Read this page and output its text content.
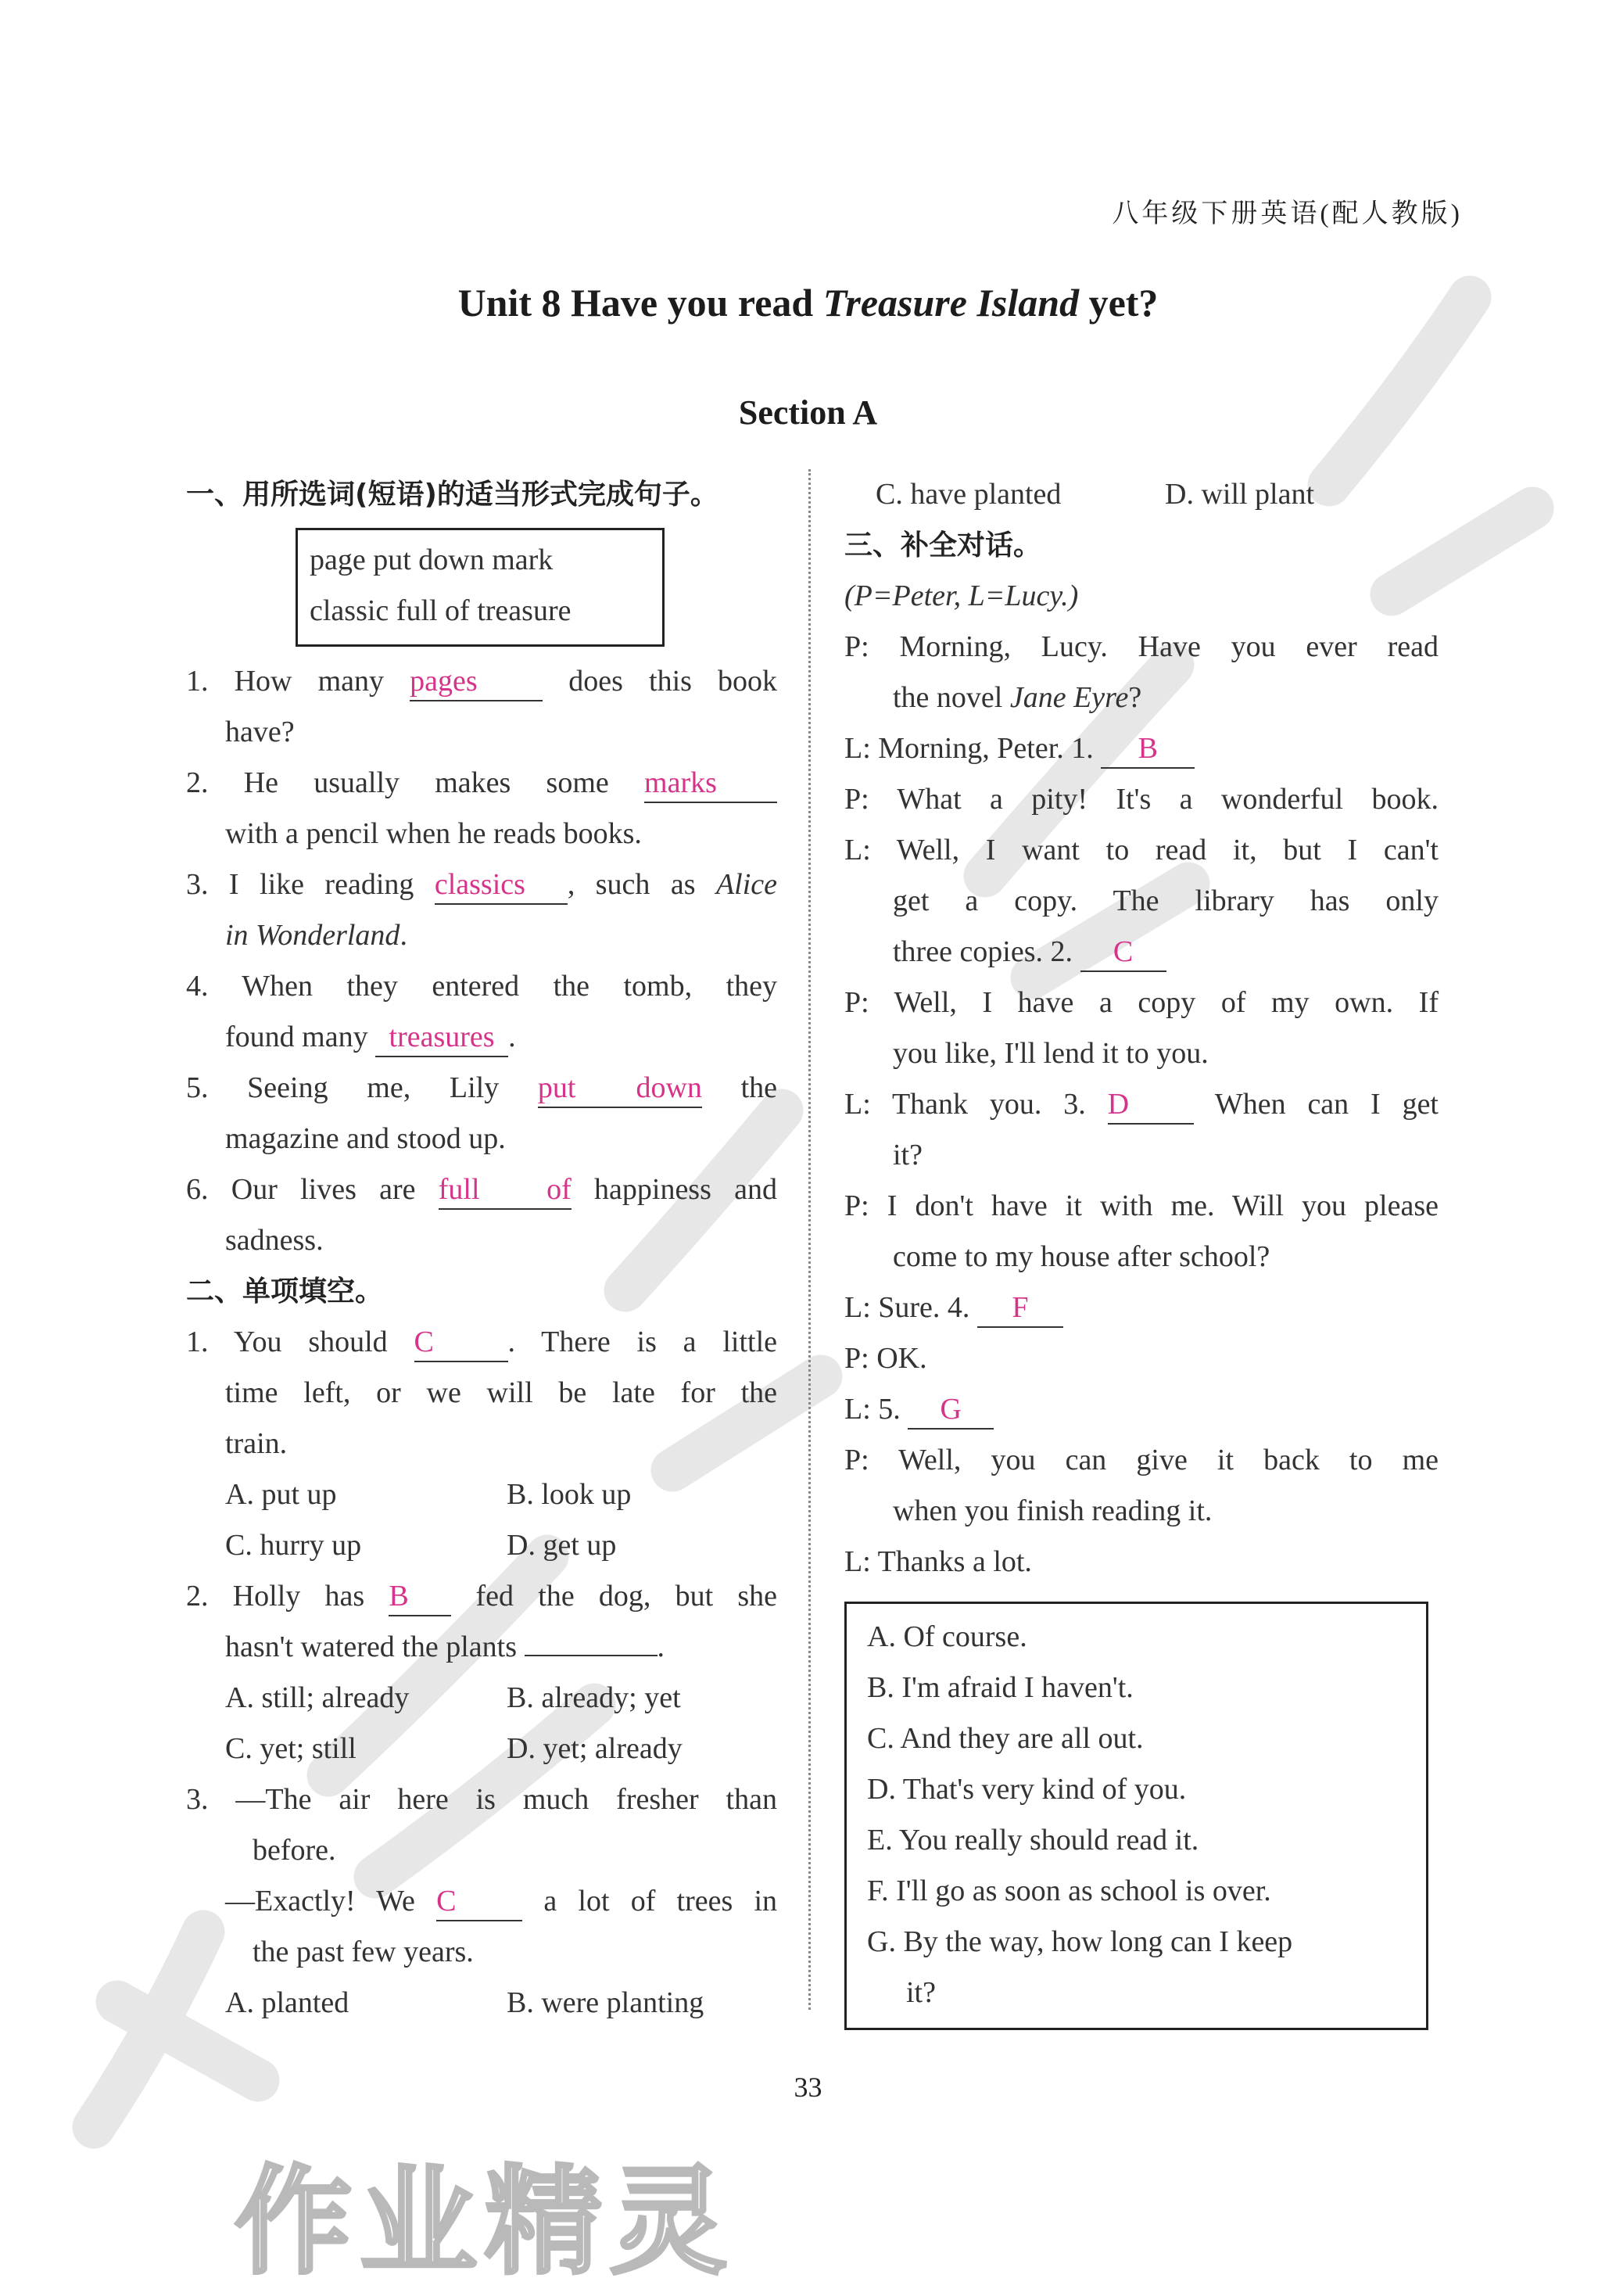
八年级下册英语(配人教版)
Unit 8 Have you read Treasure Island yet?
Section A
一、用所选词(短语)的适当形式完成句子。
page put down mark
classic full of treasure
1. How many pages	does this book
have?
2. He usually makes some marks
with a pencil when he reads books.
3. I like reading classics , such as Alice
in Wonderland.
4. When they entered the tomb, they
found many treasures .
5. Seeing me, Lily put down the
magazine and stood up.
6. Our lives are full of happiness and
sadness.
二、单项填空。
1. You should C . There is a little
time left, or we will be late for the
train.
A. put up	B. look up
C. hurry up	D. get up
2. Holly has B fed the dog, but she
hasn't watered the plants	.
A. still; already	B. already; yet
C. yet; still	D. yet; already
3. —The air here is much fresher than
before.
—Exactly! We C	a lot of trees in
the past few years.
A. planted	B. were planting
C. have planted	D. will plant
三、补全对话。
(P=Peter, L=Lucy.)
P: Morning, Lucy. Have you ever read
the novel Jane Eyre?
L: Morning, Peter. 1. B
P: What a pity! It's a wonderful book.
L: Well, I want to read it, but I can't
get a copy. The library has only
three copies. 2. C
P: Well, I have a copy of my own. If
you like, I'll lend it to you.
L: Thank you. 3. D	When can I get
it?
P: I don't have it with me. Will you please
come to my house after school?
L: Sure. 4. F
P: OK.
L: 5. G
P: Well, you can give it back to me
when you finish reading it.
L: Thanks a lot.
A. Of course.
B. I'm afraid I haven't.
C. And they are all out.
D. That's very kind of you.
E. You really should read it.
F. I'll go as soon as school is over.
G. By the way, how long can I keep
it?
33
作业精灵
